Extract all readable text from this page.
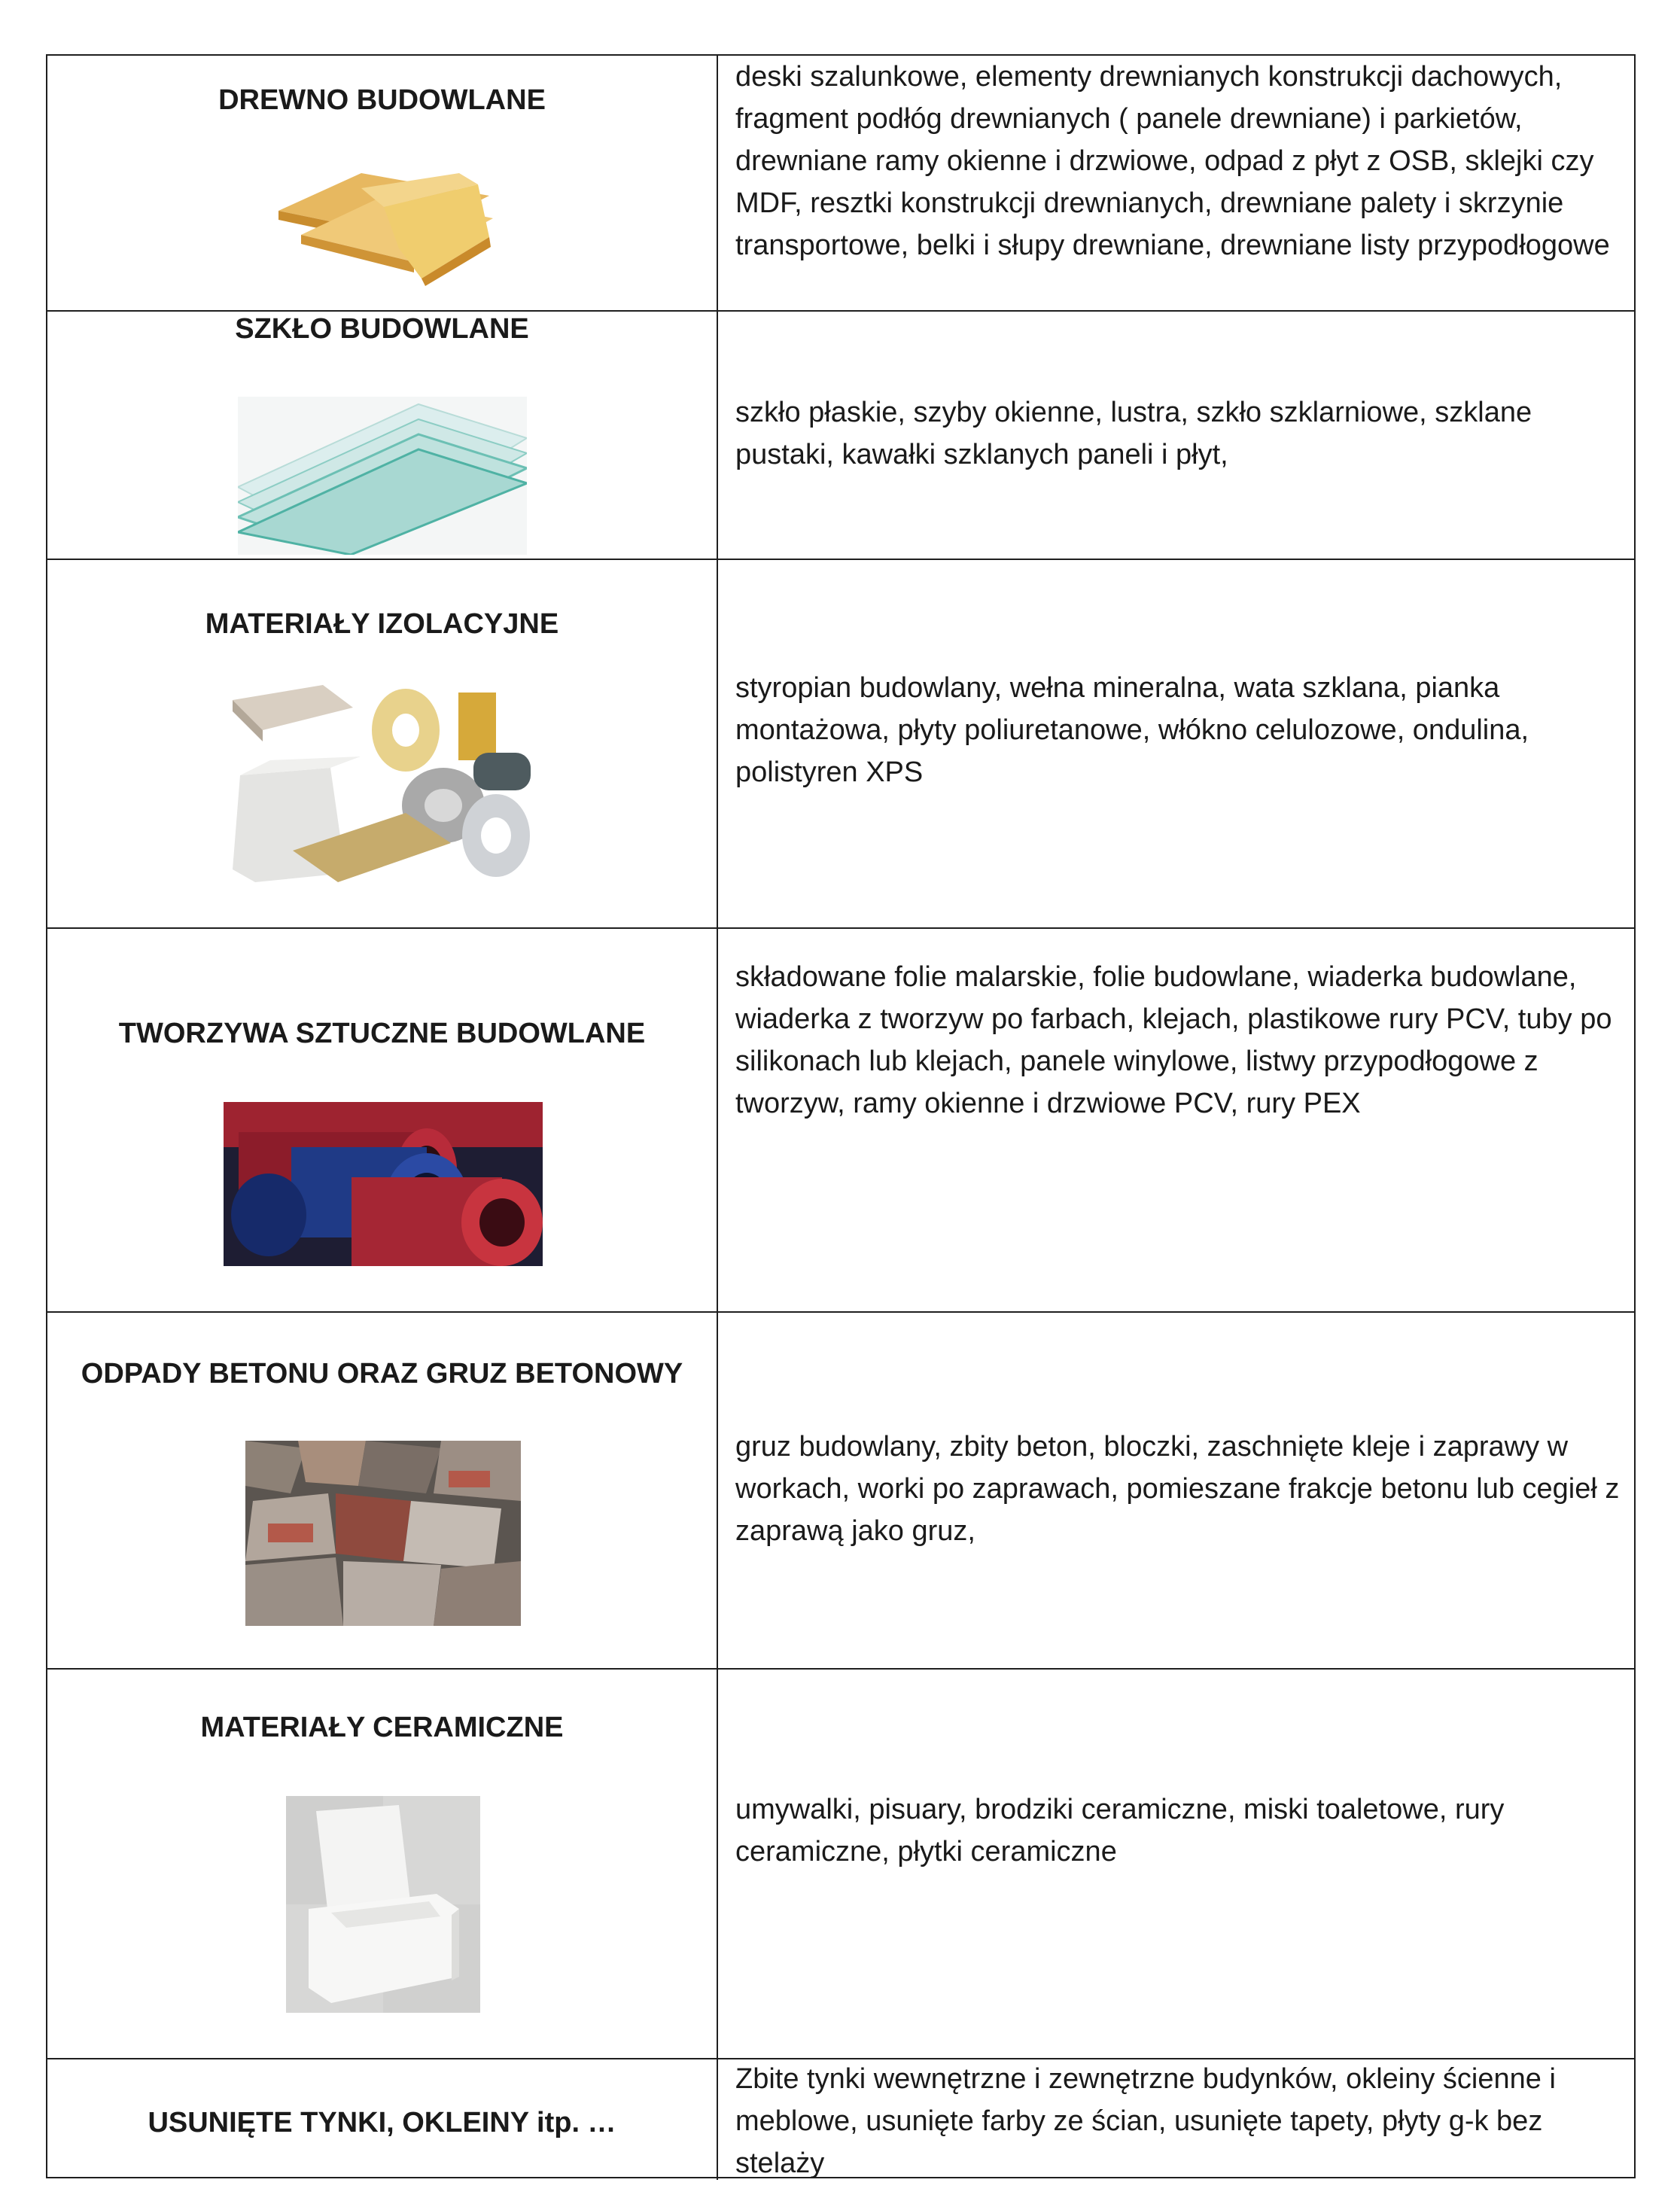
DREWNO BUDOWLANE
deski szalunkowe, elementy drewnianych konstrukcji dachowych, fragment podłóg drewnianych ( panele drewniane) i parkietów, drewniane ramy okienne i drzwiowe, odpad z płyt z OSB, sklejki czy MDF, resztki konstrukcji drewnianych, drewniane palety i skrzynie transportowe, belki i słupy drewniane, drewniane listy przypodłogowe
SZKŁO BUDOWLANE
szkło płaskie, szyby okienne, lustra, szkło szklarniowe, szklane pustaki, kawałki szklanych paneli i płyt,
MATERIAŁY IZOLACYJNE
styropian budowlany, wełna mineralna, wata szklana, pianka montażowa, płyty poliuretanowe, włókno celulozowe, ondulina, polistyren XPS
TWORZYWA SZTUCZNE BUDOWLANE
składowane folie malarskie, folie budowlane, wiaderka budowlane, wiaderka z tworzyw po farbach, klejach, plastikowe rury PCV, tuby po silikonach lub klejach, panele winylowe, listwy przypodłogowe z tworzyw, ramy okienne i drzwiowe PCV, rury PEX
ODPADY BETONU ORAZ GRUZ BETONOWY
gruz budowlany, zbity beton, bloczki, zaschnięte kleje i zaprawy w workach, worki po zaprawach, pomieszane frakcje betonu lub cegieł z zaprawą jako gruz,
MATERIAŁY CERAMICZNE
umywalki, pisuary, brodziki ceramiczne, miski toaletowe, rury ceramiczne, płytki ceramiczne
USUNIĘTE TYNKI, OKLEINY itp. …
Zbite tynki wewnętrzne i zewnętrzne budynków, okleiny ścienne i meblowe, usunięte farby ze ścian, usunięte tapety, płyty g-k bez stelaży
